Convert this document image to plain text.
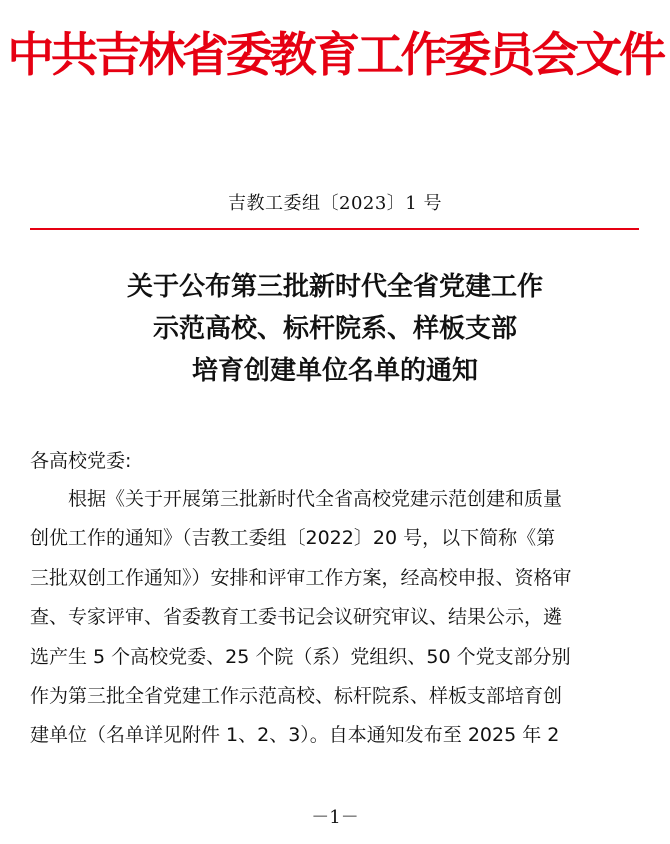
中共吉林省委教育工作委员会文件
吉教工委组〔2023〕1 号
关于公布第三批新时代全省党建工作
示范高校、标杆院系、样板支部
培育创建单位名单的通知
各高校党委:
根据《关于开展第三批新时代全省高校党建示范创建和质量
创优工作的通知》（吉教工委组〔2022〕20 号，以下简称《第
三批双创工作通知》）安排和评审工作方案，经高校申报、资格审
查、专家评审、省委教育工委书记会议研究审议、结果公示，遴
选产生 5 个高校党委、25 个院（系）党组织、50 个党支部分别
作为第三批全省党建工作示范高校、标杆院系、样板支部培育创
建单位（名单详见附件 1、2、3）。自本通知发布至 2025 年 2
－1－
